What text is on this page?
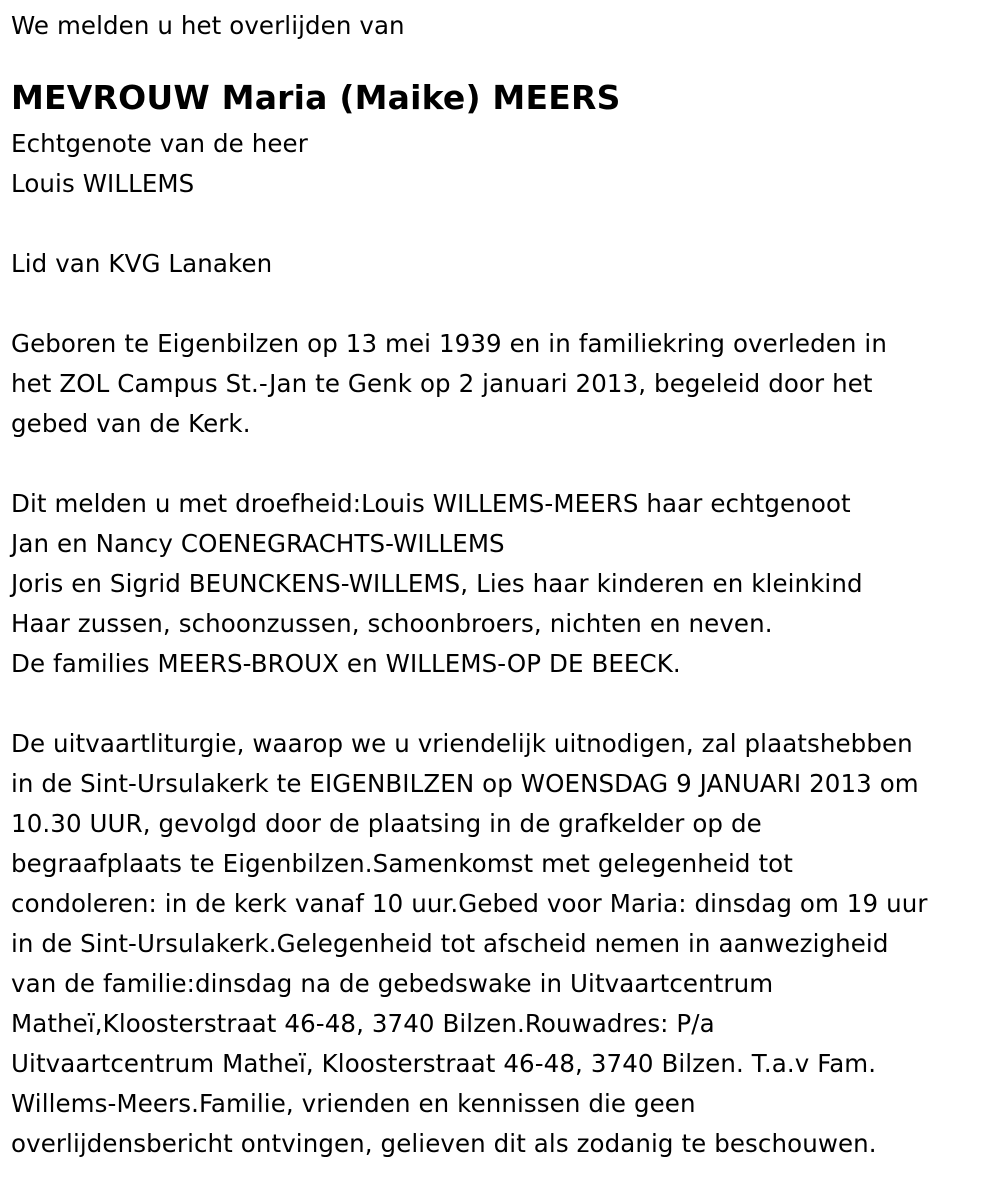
We melden u het overlijden van
MEVROUW Maria (Maike) MEERS
Echtgenote van de heer
Louis WILLEMS
Lid van KVG Lanaken
Geboren te Eigenbilzen op 13 mei 1939 en in familiekring overleden in
het ZOL Campus St.-Jan te Genk op 2 januari 2013, begeleid door het
gebed van de Kerk.
Dit melden u met droefheid:Louis WILLEMS-MEERS haar echtgenoot
Jan en Nancy COENEGRACHTS-WILLEMS
Joris en Sigrid BEUNCKENS-WILLEMS, Lies haar kinderen en kleinkind
Haar zussen, schoonzussen, schoonbroers, nichten en neven.
De families MEERS-BROUX en WILLEMS-OP DE BEECK.
De uitvaartliturgie, waarop we u vriendelijk uitnodigen, zal plaatshebben
in de Sint-Ursulakerk te EIGENBILZEN op WOENSDAG 9 JANUARI 2013 om
10.30 UUR, gevolgd door de plaatsing in de grafkelder op de
begraafplaats te Eigenbilzen.Samenkomst met gelegenheid tot
condoleren: in de kerk vanaf 10 uur.Gebed voor Maria: dinsdag om 19 uur
in de Sint-Ursulakerk.Gelegenheid tot afscheid nemen in aanwezigheid
van de familie:dinsdag na de gebedswake in Uitvaartcentrum
Matheï,Kloosterstraat 46-48, 3740 Bilzen.Rouwadres: P/a
Uitvaartcentrum Matheï, Kloosterstraat 46-48, 3740 Bilzen. T.a.v Fam.
Willems-Meers.Familie, vrienden en kennissen die geen
overlijdensbericht ontvingen, gelieven dit als zodanig te beschouwen.
